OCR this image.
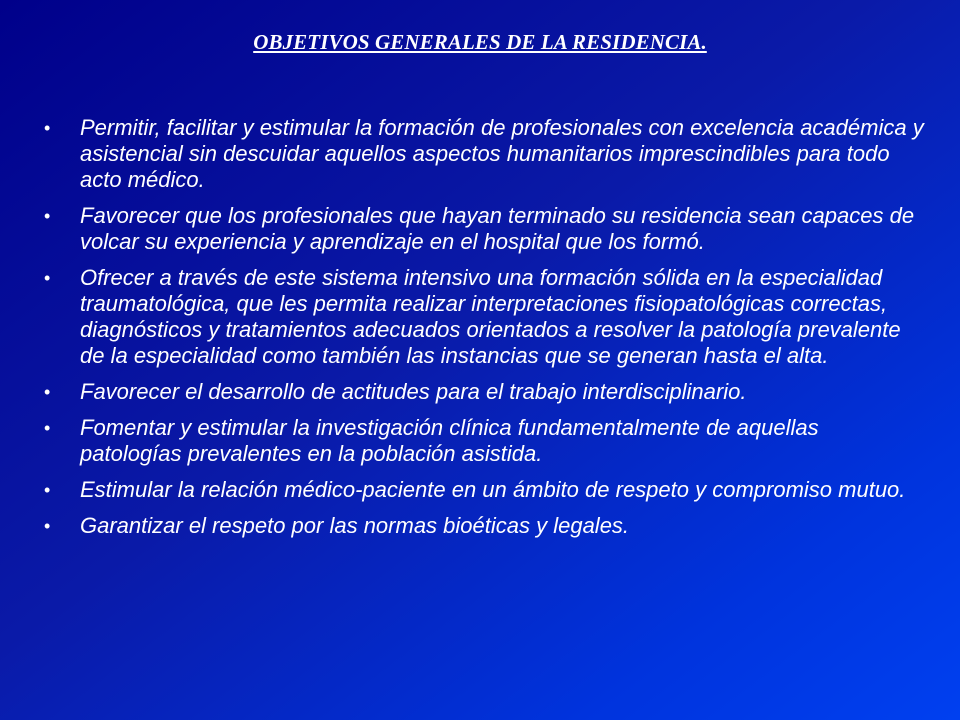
OBJETIVOS GENERALES DE LA RESIDENCIA.
• Permitir, facilitar y estimular la formación de profesionales con excelencia académica y asistencial sin descuidar aquellos aspectos humanitarios imprescindibles para todo acto médico.
• Favorecer que los profesionales que hayan terminado su residencia sean capaces de volcar su experiencia y aprendizaje en el hospital que los formó.
• Ofrecer a través de este sistema intensivo una formación sólida en la especialidad traumatológica, que les permita realizar interpretaciones fisiopatológicas correctas, diagnósticos y tratamientos adecuados orientados a resolver la patología prevalente de la especialidad como también las instancias que se generan hasta el alta.
• Favorecer el desarrollo de actitudes para el trabajo interdisciplinario.
• Fomentar y estimular la investigación clínica fundamentalmente de aquellas patologías prevalentes en la población asistida.
• Estimular la relación médico-paciente en un ámbito de respeto y compromiso mutuo.
• Garantizar el respeto por las normas bioéticas y legales.
